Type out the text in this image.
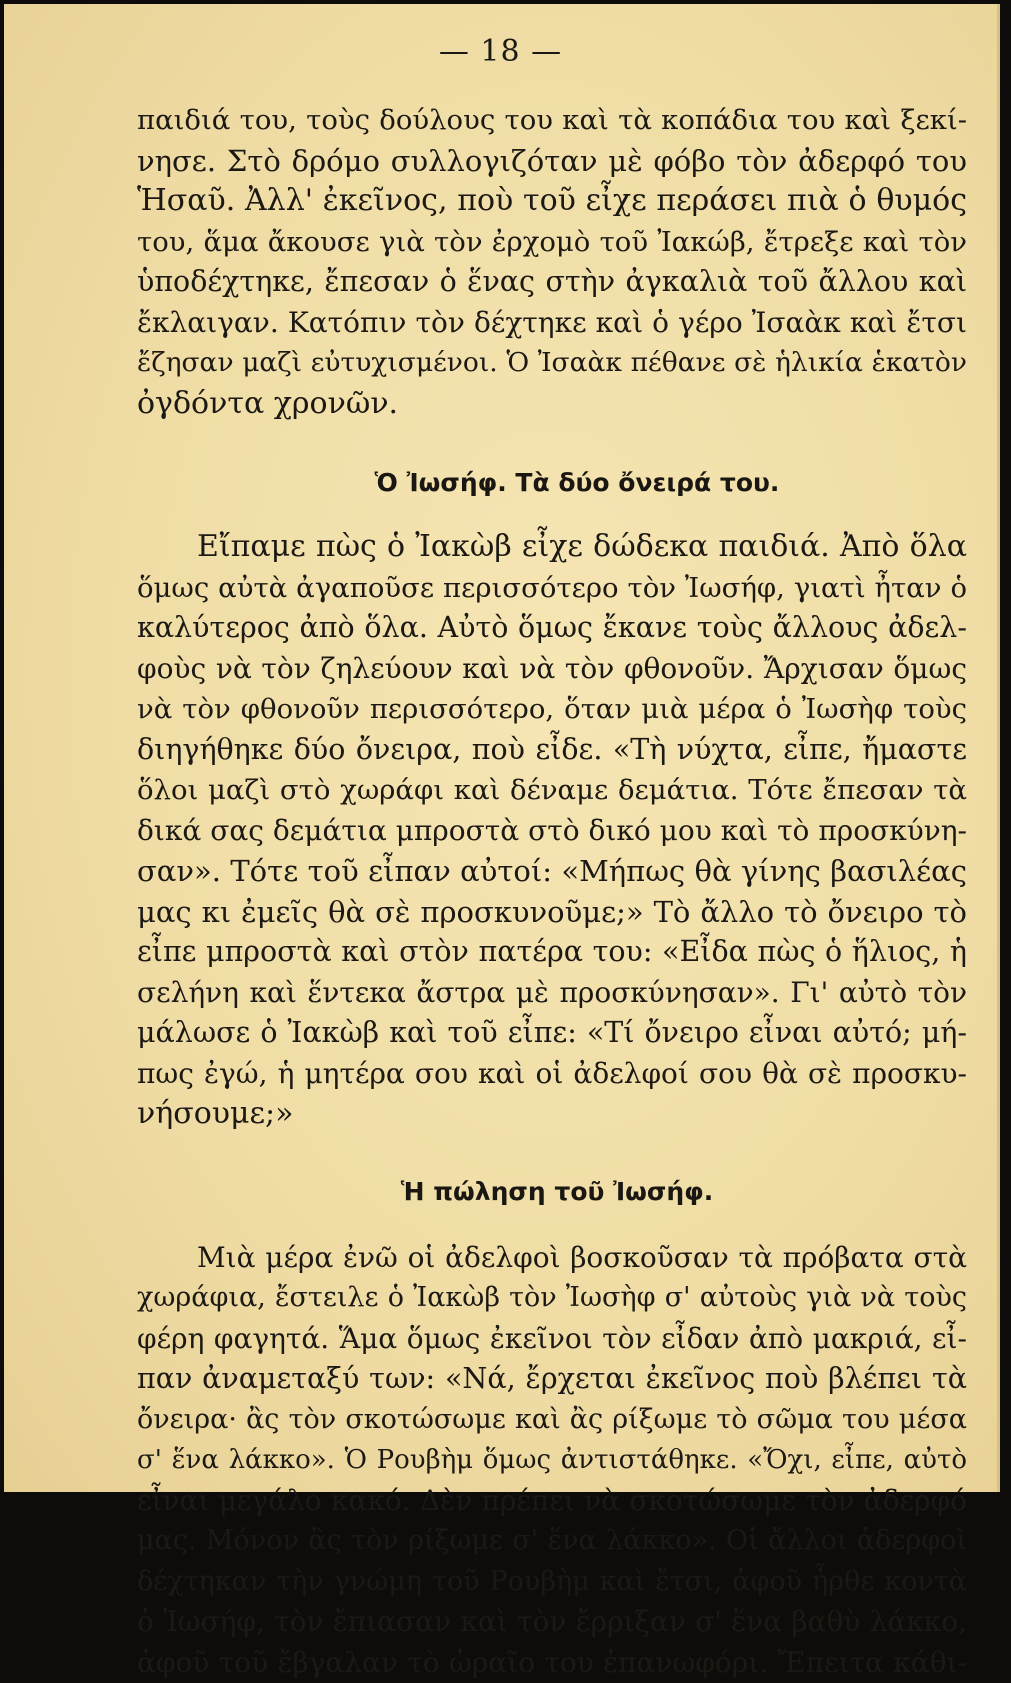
— 18 —
παιδιά του, τοὺς δούλους του καὶ τὰ κοπάδια του καὶ ξεκί-
νησε. Στὸ δρόμο συλλογιζόταν μὲ φόβο τὸν ἀδερφό του
Ἡσαῦ. Ἀλλ' ἐκεῖνος, ποὺ τοῦ εἶχε περάσει πιὰ ὁ θυμός
του, ἅμα ἄκουσε γιὰ τὸν ἐρχομὸ τοῦ Ἰακώβ, ἔτρεξε καὶ τὸν
ὑποδέχτηκε, ἔπεσαν ὁ ἕνας στὴν ἀγκαλιὰ τοῦ ἄλλου καὶ
ἔκλαιγαν. Κατόπιν τὸν δέχτηκε καὶ ὁ γέρο Ἰσαὰκ καὶ ἔτσι
ἔζησαν μαζὶ εὐτυχισμένοι. Ὁ Ἰσαὰκ πέθανε σὲ ἡλικία ἑκατὸν
ὀγδόντα χρονῶν.
Ὁ Ἰωσήφ. Τὰ δύο ὄνειρά του.
Εἴπαμε πὼς ὁ Ἰακὼβ εἶχε δώδεκα παιδιά. Ἀπὸ ὅλα
ὅμως αὐτὰ ἀγαποῦσε περισσότερο τὸν Ἰωσήφ, γιατὶ ἦταν ὁ
καλύτερος ἀπὸ ὅλα. Αὐτὸ ὅμως ἔκανε τοὺς ἄλλους ἀδελ-
φοὺς νὰ τὸν ζηλεύουν καὶ νὰ τὸν φθονοῦν. Ἄρχισαν ὅμως
νὰ τὸν φθονοῦν περισσότερο, ὅταν μιὰ μέρα ὁ Ἰωσὴφ τοὺς
διηγήθηκε δύο ὄνειρα, ποὺ εἶδε. «Τὴ νύχτα, εἶπε, ἤμαστε
ὅλοι μαζὶ στὸ χωράφι καὶ δέναμε δεμάτια. Τότε ἔπεσαν τὰ
δικά σας δεμάτια μπροστὰ στὸ δικό μου καὶ τὸ προσκύνη-
σαν». Τότε τοῦ εἶπαν αὐτοί: «Μήπως θὰ γίνης βασιλέας
μας κι ἐμεῖς θὰ σὲ προσκυνοῦμε;» Τὸ ἄλλο τὸ ὄνειρο τὸ
εἶπε μπροστὰ καὶ στὸν πατέρα του: «Εἶδα πὼς ὁ ἥλιος, ἡ
σελήνη καὶ ἕντεκα ἄστρα μὲ προσκύνησαν». Γι' αὐτὸ τὸν
μάλωσε ὁ Ἰακὼβ καὶ τοῦ εἶπε: «Τί ὄνειρο εἶναι αὐτό; μή-
πως ἐγώ, ἡ μητέρα σου καὶ οἱ ἀδελφοί σου θὰ σὲ προσκυ-
νήσουμε;»
Ἡ πώληση τοῦ Ἰωσήφ.
Μιὰ μέρα ἐνῶ οἱ ἀδελφοὶ βοσκοῦσαν τὰ πρόβατα στὰ
χωράφια, ἔστειλε ὁ Ἰακὼβ τὸν Ἰωσὴφ σ' αὐτοὺς γιὰ νὰ τοὺς
φέρη φαγητά. Ἅμα ὅμως ἐκεῖνοι τὸν εἶδαν ἀπὸ μακριά, εἶ-
παν ἀναμεταξύ των: «Νά, ἔρχεται ἐκεῖνος ποὺ βλέπει τὰ
ὄνειρα· ἂς τὸν σκοτώσωμε καὶ ἂς ρίξωμε τὸ σῶμα του μέσα
σ' ἕνα λάκκο». Ὁ Ρουβὴμ ὅμως ἀντιστάθηκε. «Ὄχι, εἶπε, αὐτὸ
εἶναι μεγάλο κακό. Δὲν πρέπει νὰ σκοτώσωμε τὸν ἀδερφό
μας. Μόνον ἂς τὸν ρίξωμε σ' ἕνα λάκκο». Οἱ ἄλλοι ἀδερφοὶ
δέχτηκαν τὴν γνώμη τοῦ Ρουβὴμ καὶ ἔτσι, ἀφοῦ ἦρθε κοντὰ
ὁ Ἰωσήφ, τὸν ἔπιασαν καὶ τὸν ἔρριξαν σ' ἕνα βαθὺ λάκκο,
ἀφοῦ τοῦ ἔβγαλαν τὸ ὡραῖο του ἐπανωφόρι. Ἔπειτα κάθι-
